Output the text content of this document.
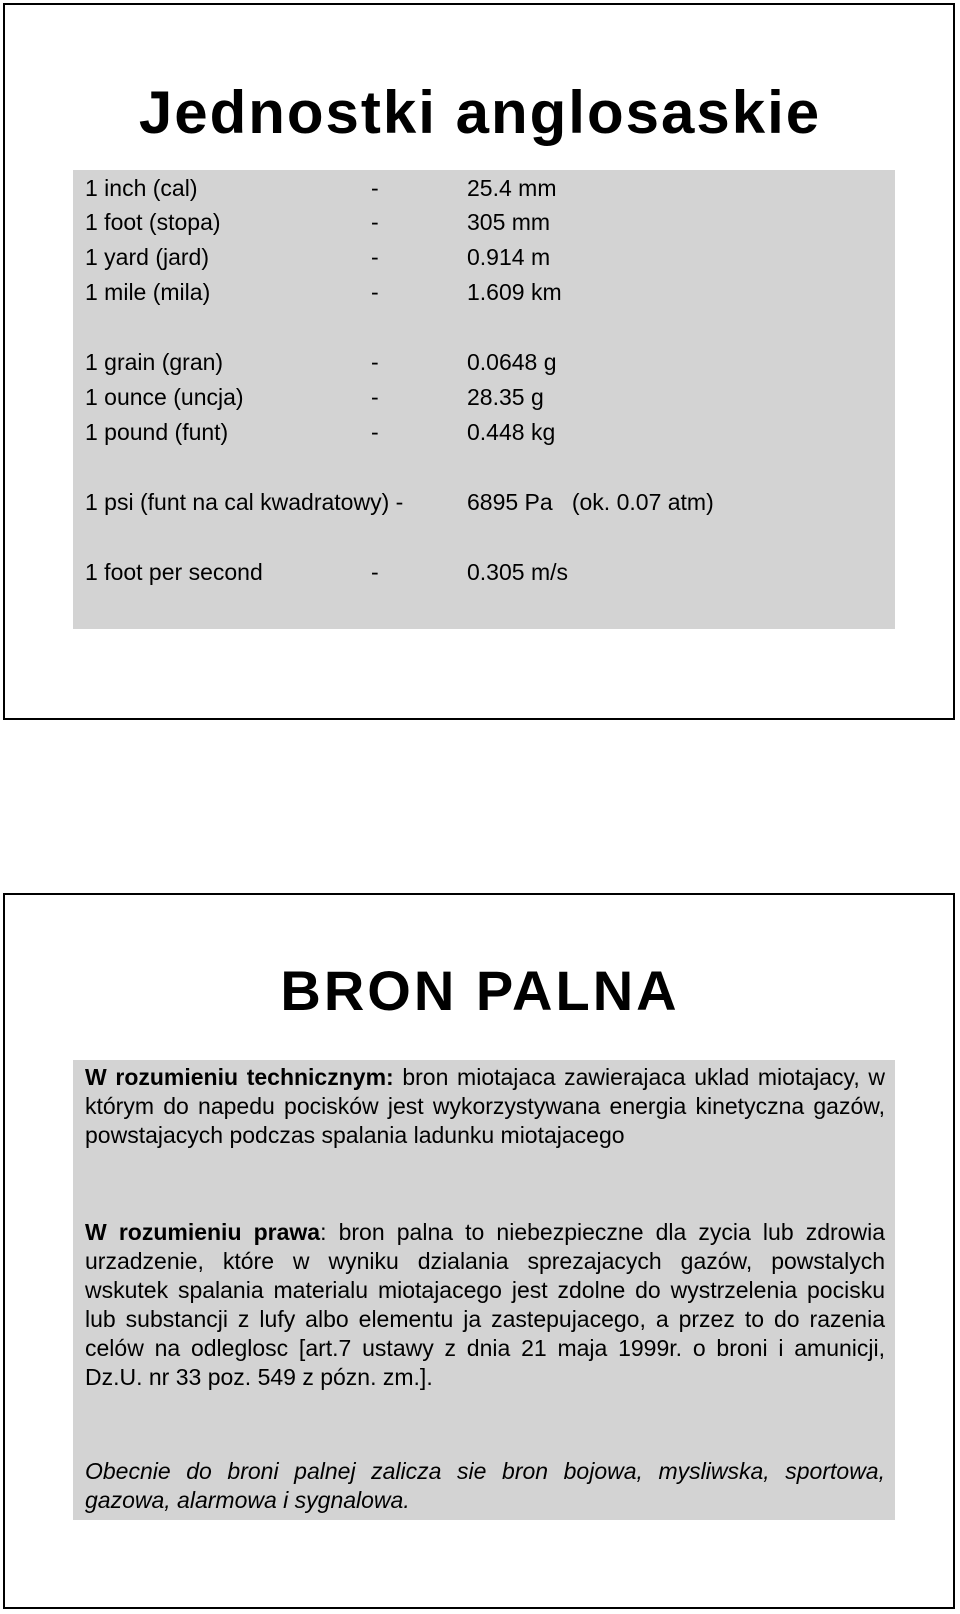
Jednostki anglosaskie
1 inch (cal)	-	25.4 mm
1 foot (stopa)	-	305 mm
1 yard (jard)	-	0.914 m
1 mile (mila)	-	1.609 km
1 grain (gran)	-	0.0648 g
1 ounce (uncja)	-	28.35 g
1 pound (funt)	-	0.448 kg
1 psi (funt na cal kwadratowy) -	6895 Pa   (ok. 0.07 atm)
1 foot per second	-	0.305 m/s
BRON PALNA

W rozumieniu technicznym: bron miotajaca zawierajaca uklad miotajacy, w którym do napedu pocisków jest wykorzystywana energia kinetyczna gazów, powstajacych podczas spalania ladunku miotajacego

W rozumieniu prawa: bron palna to niebezpieczne dla zycia lub zdrowia urzadzenie, które w wyniku dzialania sprezajacych gazów, powstalych wskutek spalania materialu miotajacego jest zdolne do wystrzelenia pocisku lub substancji z lufy albo elementu ja zastepujacego, a przez to do razenia celów na odleglosc [art.7 ustawy z dnia 21 maja 1999r. o broni i amunicji, Dz.U. nr 33 poz. 549 z pózn. zm.].

Obecnie do broni palnej zalicza sie bron bojowa, mysliwska, sportowa, gazowa, alarmowa i sygnalowa.
